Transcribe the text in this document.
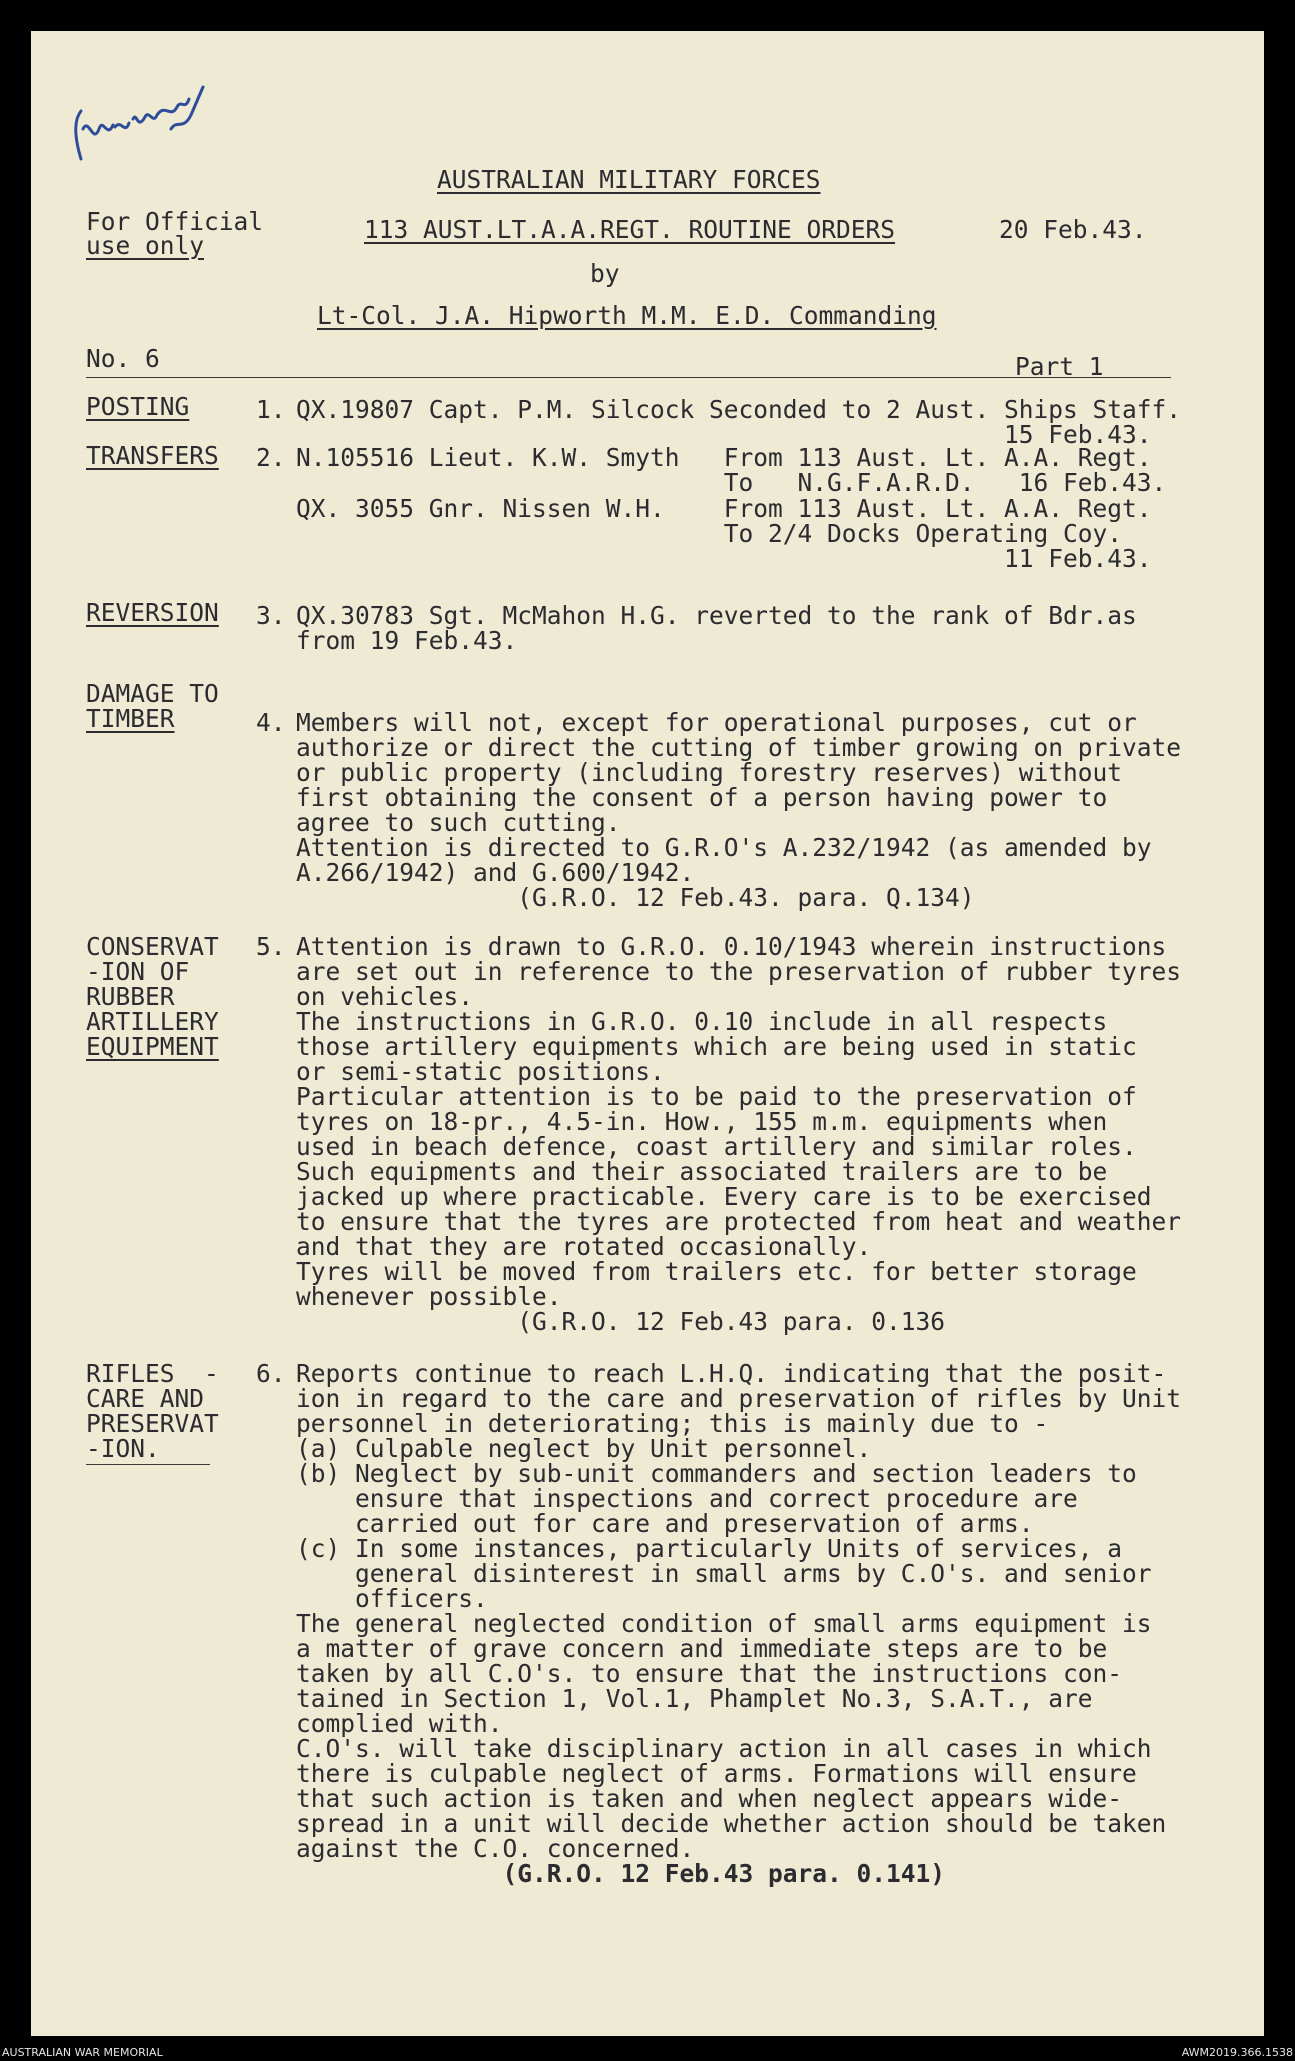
AUSTRALIAN MILITARY FORCES
For Official
use only
113 AUST.LT.A.A.REGT. ROUTINE ORDERS	20 Feb.43.
by
Lt-Col. J.A. Hipworth M.M. E.D. Commanding
No. 6	Part 1
POSTING	1. QX.19807 Capt. P.M. Silcock Seconded to 2 Aust. Ships Staff.
15 Feb.43.
TRANSFERS 2. N.105516 Lieut. K.W. Smyth   From 113 Aust. Lt. A.A. Regt.
To   N.G.F.A.R.D.   16 Feb.43.
QX. 3055 Gnr. Nissen W.H.    From 113 Aust. Lt. A.A. Regt.
To 2/4 Docks Operating Coy.
11 Feb.43.
REVERSION 3. QX.30783 Sgt. McMahon H.G. reverted to the rank of Bdr.as
from 19 Feb.43.
DAMAGE TO
TIMBER	4. Members will not, except for operational purposes, cut or
authorize or direct the cutting of timber growing on private
or public property (including forestry reserves) without
first obtaining the consent of a person having power to
agree to such cutting.
Attention is directed to G.R.O's A.232/1942 (as amended by
A.266/1942) and G.600/1942.
(G.R.O. 12 Feb.43. para. Q.134)
CONSERVAT
-ION OF
RUBBER
ARTILLERY
EQUIPMENT
5. Attention is drawn to G.R.O. 0.10/1943 wherein instructions
are set out in reference to the preservation of rubber tyres
on vehicles.
The instructions in G.R.O. 0.10 include in all respects
those artillery equipments which are being used in static
or semi-static positions.
Particular attention is to be paid to the preservation of
tyres on 18-pr., 4.5-in. How., 155 m.m. equipments when
used in beach defence, coast artillery and similar roles.
Such equipments and their associated trailers are to be
jacked up where practicable. Every care is to be exercised
to ensure that the tyres are protected from heat and weather
and that they are rotated occasionally.
Tyres will be moved from trailers etc. for better storage
whenever possible.
(G.R.O. 12 Feb.43 para. 0.136
RIFLES  -
CARE AND
PRESERVAT
-ION.
6. Reports continue to reach L.H.Q. indicating that the posit-
ion in regard to the care and preservation of rifles by Unit
personnel in deteriorating; this is mainly due to -
(a) Culpable neglect by Unit personnel.
(b) Neglect by sub-unit commanders and section leaders to
ensure that inspections and correct procedure are
carried out for care and preservation of arms.
(c) In some instances, particularly Units of services, a
general disinterest in small arms by C.O's. and senior
officers.
The general neglected condition of small arms equipment is
a matter of grave concern and immediate steps are to be
taken by all C.O's. to ensure that the instructions con-
tained in Section 1, Vol.1, Phamplet No.3, S.A.T., are
complied with.
C.O's. will take disciplinary action in all cases in which
there is culpable neglect of arms. Formations will ensure
that such action is taken and when neglect appears wide-
spread in a unit will decide whether action should be taken
against the C.O. concerned.
(G.R.O. 12 Feb.43 para. 0.141)
AUSTRALIAN WAR MEMORIAL	AWM2019.366.1538
